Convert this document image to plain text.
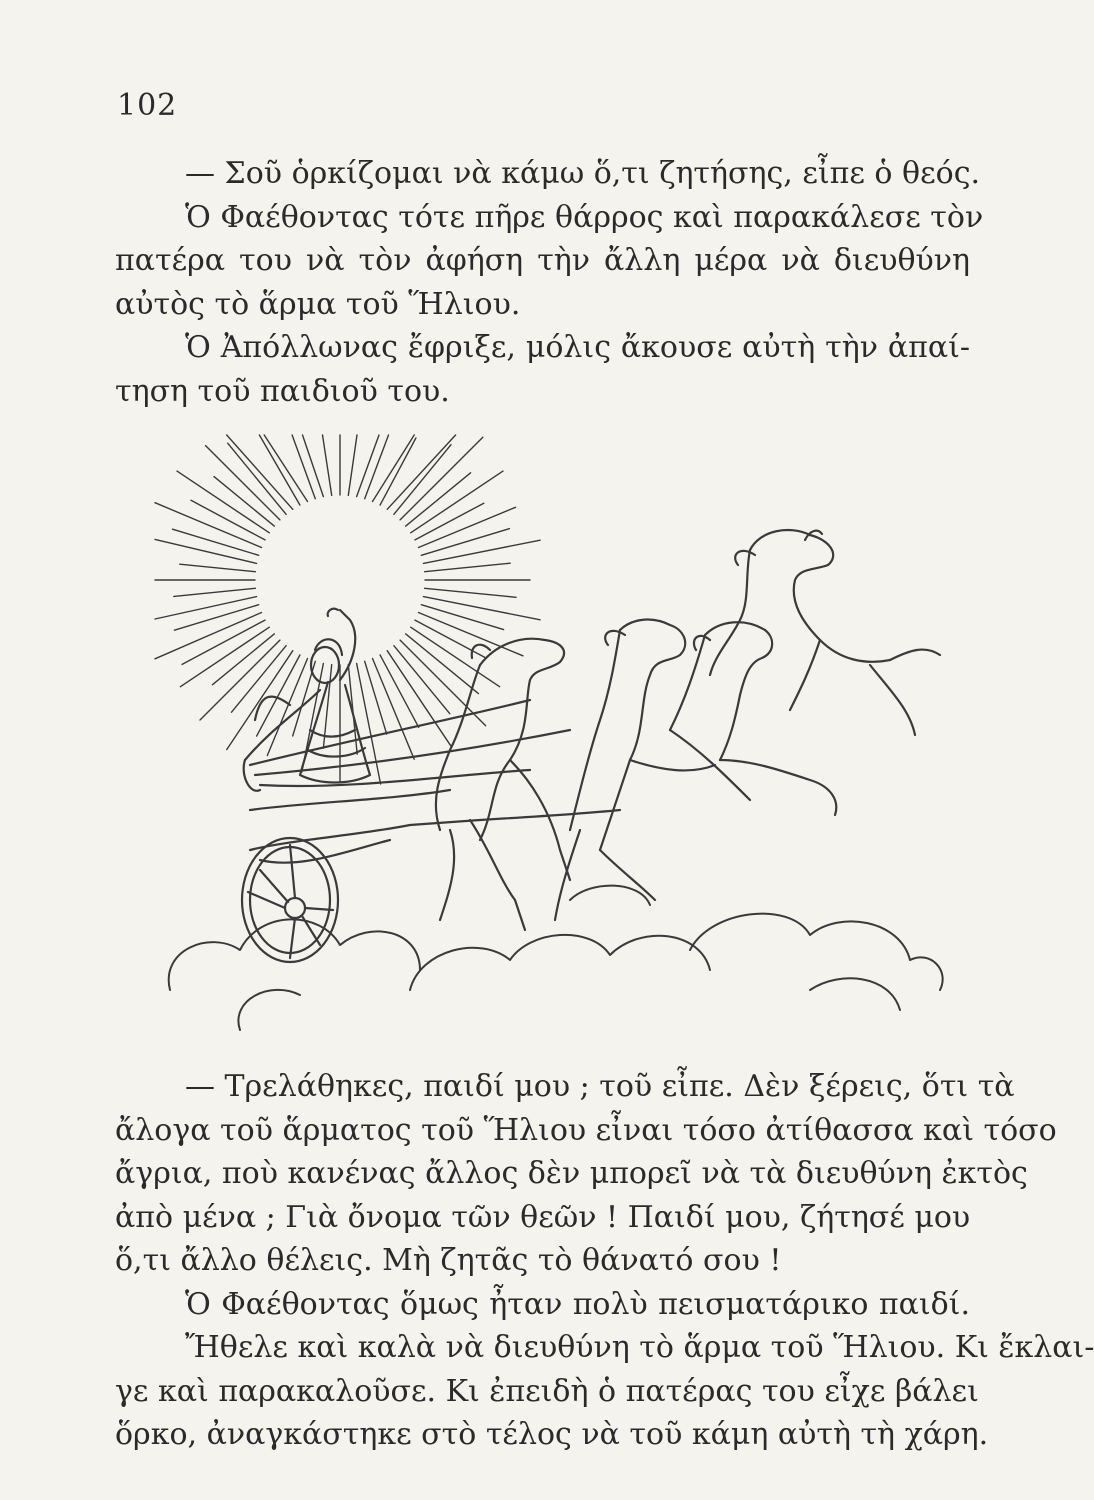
102
— Σοῦ ὁρκίζομαι νὰ κάμω ὅ,τι ζητήσης, εἶπε ὁ θεός.
Ὁ Φαέθοντας τότε πῆρε θάρρος καὶ παρακάλεσε τὸν
πατέρα του νὰ τὸν ἀφήση τὴν ἄλλη μέρα νὰ διευθύνη
αὐτὸς τὸ ἅρμα τοῦ Ἥλιου.
Ὁ Ἀπόλλωνας ἔφριξε, μόλις ἄκουσε αὐτὴ τὴν ἀπαί-
τηση τοῦ παιδιοῦ του.
— Τρελάθηκες, παιδί μου ; τοῦ εἶπε. Δὲν ξέρεις, ὅτι τὰ
ἄλογα τοῦ ἅρματος τοῦ Ἥλιου εἶναι τόσο ἀτίθασσα καὶ τόσο
ἄγρια, ποὺ κανένας ἄλλος δὲν μπορεῖ νὰ τὰ διευθύνη ἐκτὸς
ἀπὸ μένα ; Γιὰ ὄνομα τῶν θεῶν ! Παιδί μου, ζήτησέ μου
ὅ,τι ἄλλο θέλεις. Μὴ ζητᾶς τὸ θάνατό σου !
Ὁ Φαέθοντας ὅμως ἦταν πολὺ πεισματάρικο παιδί.
Ἤθελε καὶ καλὰ νὰ διευθύνη τὸ ἅρμα τοῦ Ἥλιου. Κι ἔκλαι-
γε καὶ παρακαλοῦσε. Κι ἐπειδὴ ὁ πατέρας του εἶχε βάλει
ὅρκο, ἀναγκάστηκε στὸ τέλος νὰ τοῦ κάμη αὐτὴ τὴ χάρη.
